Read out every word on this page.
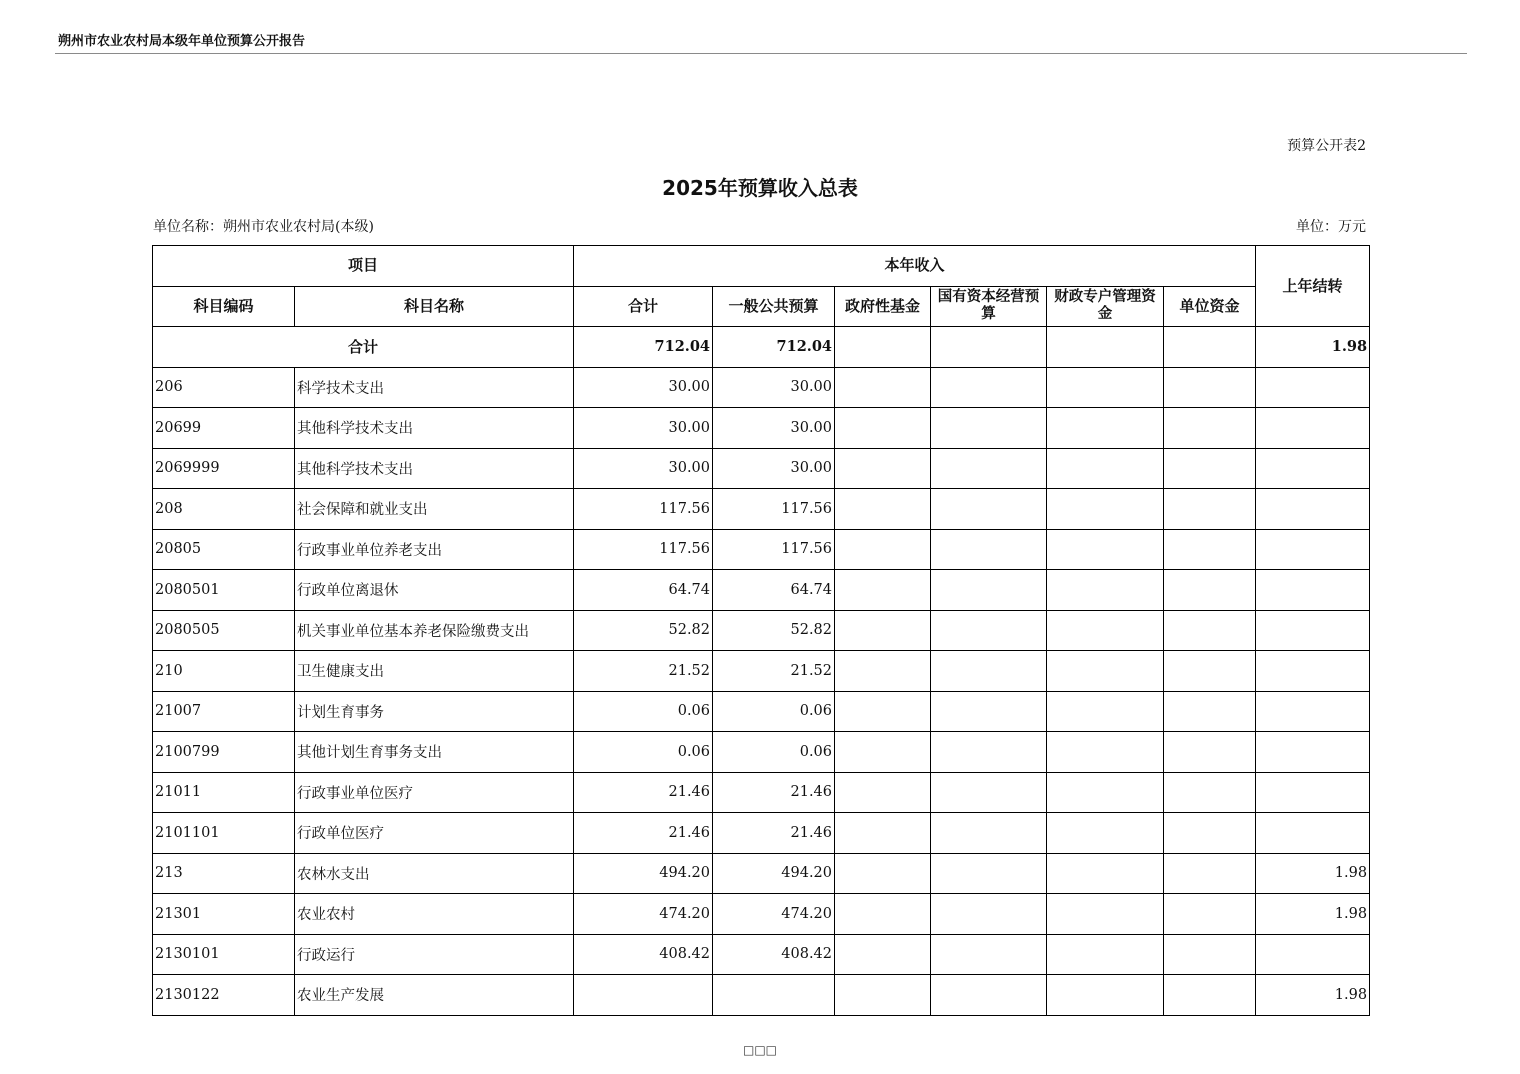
朔州市农业农村局本级年单位预算公开报告
预算公开表2
2025年预算收入总表
单位名称：朔州市农业农村局(本级)	单位：万元
项目		本年收入						上年结转
科目编码	科目名称	合计	一般公共预算	政府性基金	国有资本经营预算	财政专户管理资金	单位资金	
合计		712.04	712.04					1.98
206	科学技术支出	30.00	30.00					
20699	其他科学技术支出	30.00	30.00					
2069999	其他科学技术支出	30.00	30.00					
208	社会保障和就业支出	117.56	117.56					
20805	行政事业单位养老支出	117.56	117.56					
2080501	行政单位离退休	64.74	64.74					
2080505	机关事业单位基本养老保险缴费支出	52.82	52.82					
210	卫生健康支出	21.52	21.52					
21007	计划生育事务	0.06	0.06					
2100799	其他计划生育事务支出	0.06	0.06					
21011	行政事业单位医疗	21.46	21.46					
2101101	行政单位医疗	21.46	21.46					
213	农林水支出	494.20	494.20					1.98
21301	农业农村	474.20	474.20					1.98
2130101	行政运行	408.42	408.42					
2130122	农业生产发展							1.98
□□□
